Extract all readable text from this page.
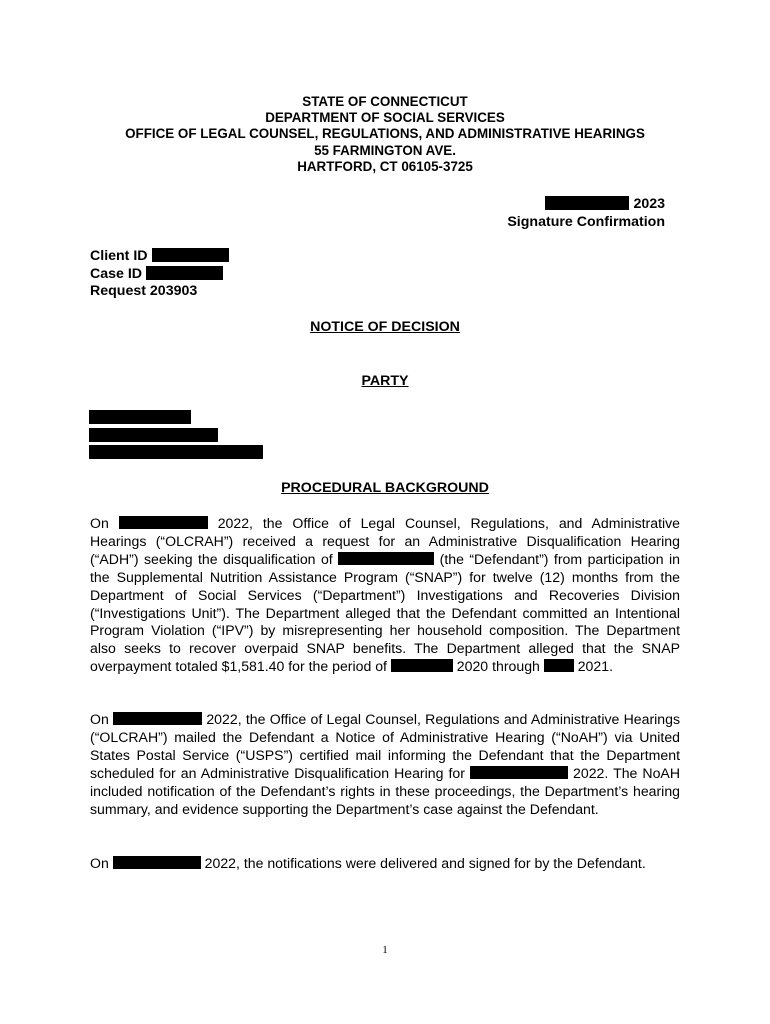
STATE OF CONNECTICUT
DEPARTMENT OF SOCIAL SERVICES
OFFICE OF LEGAL COUNSEL, REGULATIONS, AND ADMINISTRATIVE HEARINGS
55 FARMINGTON AVE.
HARTFORD, CT 06105-3725
2023
Signature Confirmation
Client ID
Case ID
Request 203903
NOTICE OF DECISION
PARTY
PROCEDURAL BACKGROUND
On	2022, the Office of Legal Counsel, Regulations, and Administrative Hearings (“OLCRAH”) received a request for an Administrative Disqualification Hearing (“ADH”) seeking the disqualification of	(the “Defendant”) from participation in the Supplemental Nutrition Assistance Program (“SNAP”) for twelve (12) months from the Department of Social Services (“Department”) Investigations and Recoveries Division (“Investigations Unit”). The Department alleged that the Defendant committed an Intentional Program Violation (“IPV”) by misrepresenting her household composition. The Department also seeks to recover overpaid SNAP benefits. The Department alleged that the SNAP overpayment totaled $1,581.40 for the period of	2020 through	2021.
On	2022, the Office of Legal Counsel, Regulations and Administrative Hearings (“OLCRAH”) mailed the Defendant a Notice of Administrative Hearing (“NoAH”) via United States Postal Service (“USPS”) certified mail informing the Defendant that the Department scheduled for an Administrative Disqualification Hearing for	2022. The NoAH included notification of the Defendant’s rights in these proceedings, the Department’s hearing summary, and evidence supporting the Department’s case against the Defendant.
On	2022, the notifications were delivered and signed for by the Defendant.
1
